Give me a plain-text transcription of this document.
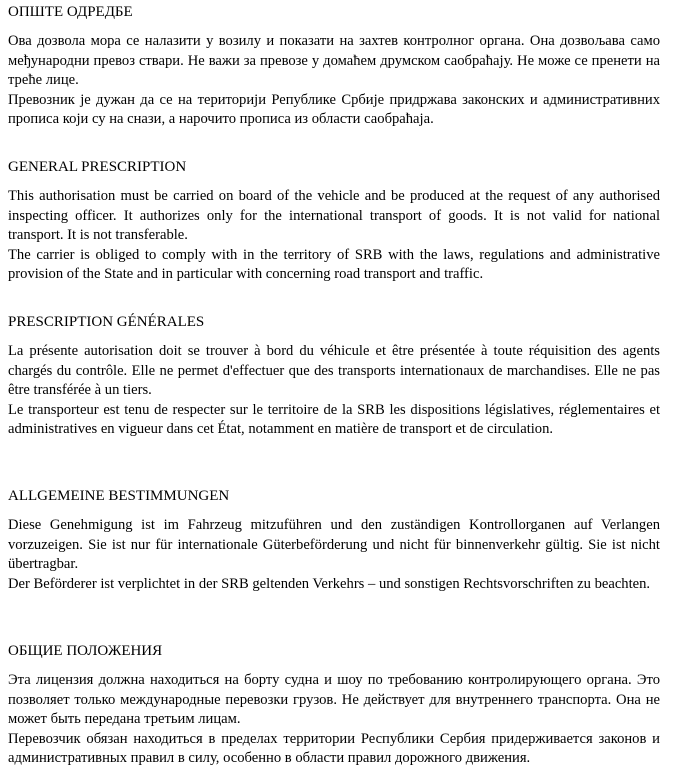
ОПШТЕ ОДРЕДБЕ

Ова дозвола мора се налазити у возилу и показати на захтев контролног органа. Она дозвољава само међународни превоз ствари. Не важи за превозе у домаћем друмском саобраћају. Не може се пренети на треће лице.

Превозник је дужан да се на територији Републике Србије придржава законских и административних прописа који су на снази, а нарочито прописа из области саобраћаја.

GENERAL PRESCRIPTION

This authorisation must be carried on board of the vehicle and be produced at the request of any authorised inspecting officer. It authorizes only for the international transport of goods. It is not valid for national transport. It is not transferable.

The carrier is obliged to comply with in the territory of SRB with the laws, regulations and administrative provision of the State and in particular with concerning road transport and traffic.

PRESCRIPTION GÉNÉRALES

La présente autorisation doit se trouver à bord du véhicule et être présentée à toute réquisition des agents chargés du contrôle. Elle ne permet d'effectuer que des transports internationaux de marchandises. Elle ne pas être transférée à un tiers.

Le transporteur est tenu de respecter sur le territoire de la SRB les dispositions législatives, réglementaires et administratives en vigueur dans cet État, notamment en matière de transport et de circulation.

ALLGEMEINE BESTIMMUNGEN

Diese Genehmigung ist im Fahrzeug mitzuführen und den zuständigen Kontrollorganen auf Verlangen vorzuzeigen. Sie ist nur für internationale Güterbeförderung und nicht für binnenverkehr gültig. Sie ist nicht übertragbar.

Der Beförderer ist verplichtet in der SRB geltenden Verkehrs – und sonstigen Rechtsvorschriften zu beachten.

ОБЩИЕ ПОЛОЖЕНИЯ

Эта лицензия должна находиться на борту судна и шоу по требованию контролирующего органа. Это позволяет только международные перевозки грузов. Не действует для внутреннего транспорта. Она не может быть передана третьим лицам.

Перевозчик обязан находиться в пределах территории Республики Сербия придерживается законов и административных правил в силу, особенно в области правил дорожного движения.
